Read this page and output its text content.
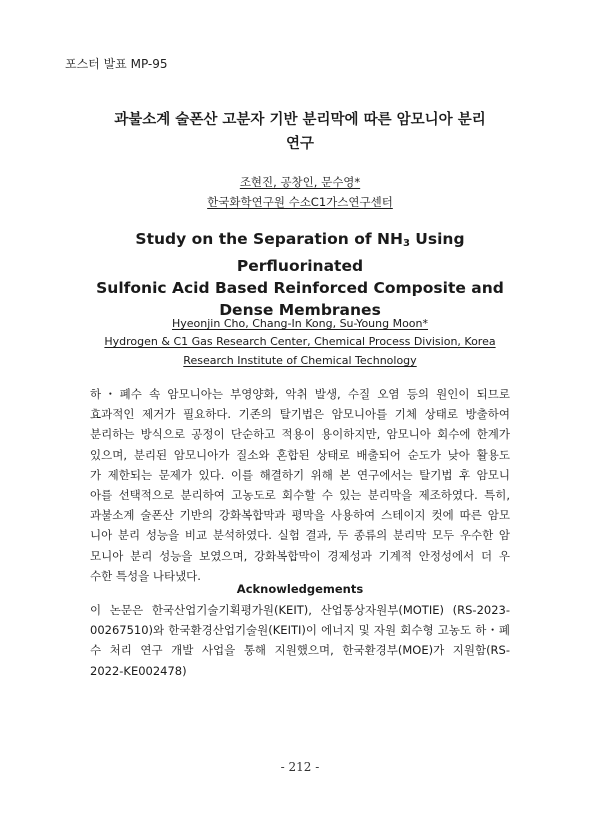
포스터 발표 MP-95
과불소계 술폰산 고분자 기반 분리막에 따른 암모니아 분리
연구
조현진, 공창인, 문수영*
한국화학연구원 수소C1가스연구센터
Study on the Separation of $NH_3$ Using Perfluorinated
Sulfonic Acid Based Reinforced Composite and
Dense Membranes
Hyeonjin Cho, Chang-In Kong, Su-Young Moon*
Hydrogen & C1 Gas Research Center, Chemical Process Division, Korea
Research Institute of Chemical Technology
하・폐수 속 암모니아는 부영양화, 악취 발생, 수질 오염 등의 원인이 되므로
효과적인 제거가 필요하다. 기존의 탈기법은 암모니아를 기체 상태로 방출하여
분리하는 방식으로 공정이 단순하고 적용이 용이하지만, 암모니아 회수에 한계가
있으며, 분리된 암모니아가 질소와 혼합된 상태로 배출되어 순도가 낮아 활용도
가 제한되는 문제가 있다. 이를 해결하기 위해 본 연구에서는 탈기법 후 암모니
아를 선택적으로 분리하여 고농도로 회수할 수 있는 분리막을 제조하였다. 특히,
과불소계 술폰산 기반의 강화복합막과 평막을 사용하여 스테이지 컷에 따른 암모
니아 분리 성능을 비교 분석하였다. 실험 결과, 두 종류의 분리막 모두 우수한 암
모니아 분리 성능을 보였으며, 강화복합막이 경제성과 기계적 안정성에서 더 우
수한 특성을 나타냈다.
Acknowledgements
이 논문은 한국산업기술기획평가원(KEIT), 산업통상자원부(MOTIE) (RS-2023-
00267510)와 한국환경산업기술원(KEITI)이 에너지 및 자원 회수형 고농도 하・폐
수 처리 연구 개발 사업을 통해 지원했으며, 한국환경부(MOE)가 지원함(RS-
2022-KE002478)
- 212 -
